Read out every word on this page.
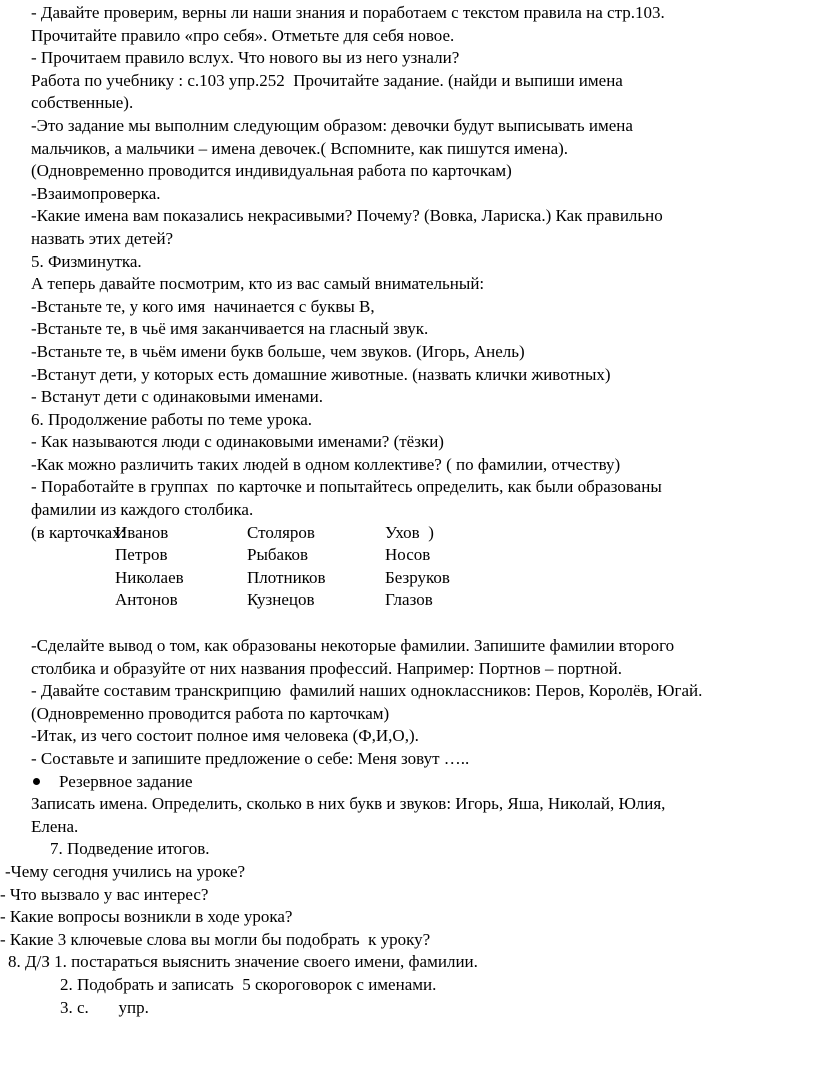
- Давайте проверим, верны ли наши знания и поработаем с текстом правила на стр.103.
Прочитайте правило «про себя». Отметьте для себя новое.
- Прочитаем правило вслух. Что нового вы из него узнали?
Работа по учебнику : с.103 упр.252  Прочитайте задание. (найди и выпиши имена
собственные).
-Это задание мы выполним следующим образом: девочки будут выписывать имена
мальчиков, а мальчики – имена девочек.( Вспомните, как пишутся имена).
(Одновременно проводится индивидуальная работа по карточкам)
-Взаимопроверка.
-Какие имена вам показались некрасивыми? Почему? (Вовка, Лариска.) Как правильно
назвать этих детей?
5. Физминутка.
А теперь давайте посмотрим, кто из вас самый внимательный:
-Встаньте те, у кого имя  начинается с буквы В,
-Встаньте те, в чьё имя заканчивается на гласный звук.
-Встаньте те, в чьём имени букв больше, чем звуков. (Игорь, Анель)
-Встанут дети, у которых есть домашние животные. (назвать клички животных)
- Встанут дети с одинаковыми именами.
6. Продолжение работы по теме урока.
- Как называются люди с одинаковыми именами? (тёзки)
-Как можно различить таких людей в одном коллективе? ( по фамилии, отчеству)
- Поработайте в группах  по карточке и попытайтесь определить, как были образованы
фамилии из каждого столбика.
(в карточках:
Иванов	Столяров	Ухов  )
Петров	Рыбаков	Носов
Николаев	Плотников	Безруков
Антонов	Кузнецов	Глазов
-Сделайте вывод о том, как образованы некоторые фамилии. Запишите фамилии второго
столбика и образуйте от них названия профессий. Например: Портнов – портной.
- Давайте составим транскрипцию  фамилий наших одноклассников: Перов, Королёв, Югай.
(Одновременно проводится работа по карточкам)
-Итак, из чего состоит полное имя человека (Ф,И,О,).
- Составьте и запишите предложение о себе: Меня зовут …..
Резервное задание
Записать имена. Определить, сколько в них букв и звуков: Игорь, Яша, Николай, Юлия,
Елена.
7. Подведение итогов.
-Чему сегодня учились на уроке?
- Что вызвало у вас интерес?
- Какие вопросы возникли в ходе урока?
- Какие 3 ключевые слова вы могли бы подобрать  к уроку?
8. Д/З 1. постараться выяснить значение своего имени, фамилии.
2. Подобрать и записать  5 скороговорок с именами.
3. с.       упр.
